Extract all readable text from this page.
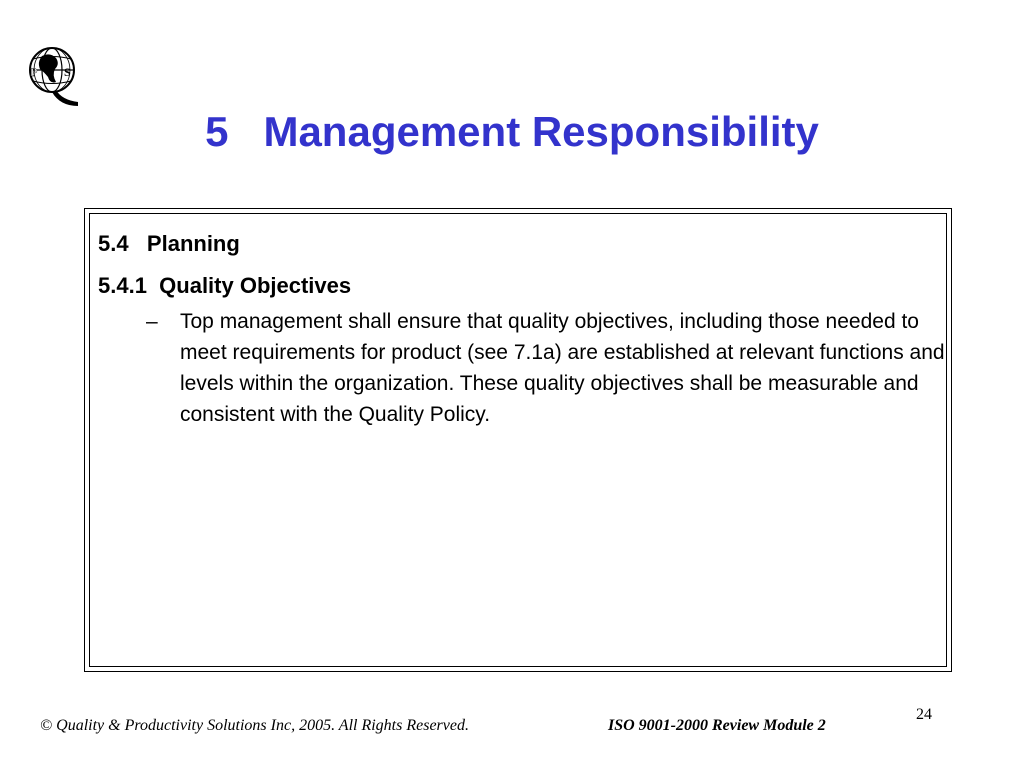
P S
5   Management Responsibility
5.4   Planning
5.4.1  Quality Objectives
– Top management shall ensure that quality objectives, including those needed to meet requirements for product (see 7.1a) are established at relevant functions and levels within the organization. These quality objectives shall be measurable and consistent with the Quality Policy.
© Quality & Productivity Solutions Inc, 2005. All Rights Reserved.	ISO 9001-2000 Review Module 2
24
